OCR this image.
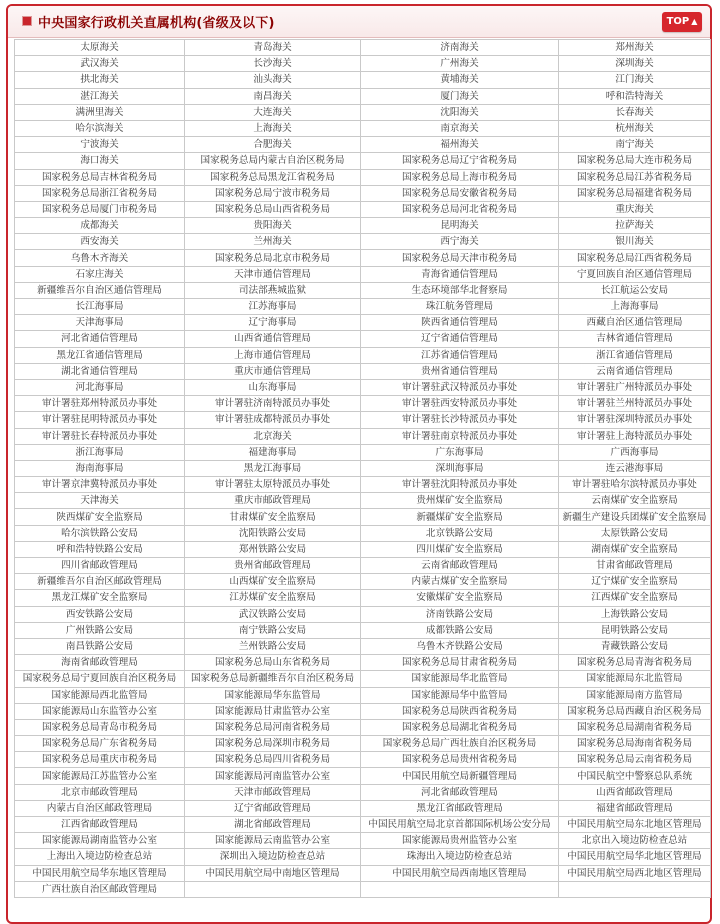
中央国家行政机关直属机构(省级及以下)	TOP ▲
太原海关	青岛海关	济南海关	郑州海关
武汉海关	长沙海关	广州海关	深圳海关
拱北海关	汕头海关	黄埔海关	江门海关
湛江海关	南昌海关	厦门海关	呼和浩特海关
满洲里海关	大连海关	沈阳海关	长春海关
哈尔滨海关	上海海关	南京海关	杭州海关
宁波海关	合肥海关	福州海关	南宁海关
海口海关	国家税务总局内蒙古自治区税务局	国家税务总局辽宁省税务局	国家税务总局大连市税务局
国家税务总局吉林省税务局	国家税务总局黑龙江省税务局	国家税务总局上海市税务局	国家税务总局江苏省税务局
国家税务总局浙江省税务局	国家税务总局宁波市税务局	国家税务总局安徽省税务局	国家税务总局福建省税务局
国家税务总局厦门市税务局	国家税务总局山西省税务局	国家税务总局河北省税务局	重庆海关
成都海关	贵阳海关	昆明海关	拉萨海关
西安海关	兰州海关	西宁海关	银川海关
乌鲁木齐海关	国家税务总局北京市税务局	国家税务总局天津市税务局	国家税务总局江西省税务局
石家庄海关	天津市通信管理局	青海省通信管理局	宁夏回族自治区通信管理局
新疆维吾尔自治区通信管理局	司法部燕城监狱	生态环境部华北督察局	长江航运公安局
长江海事局	江苏海事局	珠江航务管理局	上海海事局
天津海事局	辽宁海事局	陕西省通信管理局	西藏自治区通信管理局
河北省通信管理局	山西省通信管理局	辽宁省通信管理局	吉林省通信管理局
黑龙江省通信管理局	上海市通信管理局	江苏省通信管理局	浙江省通信管理局
湖北省通信管理局	重庆市通信管理局	贵州省通信管理局	云南省通信管理局
河北海事局	山东海事局	审计署驻武汉特派员办事处	审计署驻广州特派员办事处
审计署驻郑州特派员办事处	审计署驻济南特派员办事处	审计署驻西安特派员办事处	审计署驻兰州特派员办事处
审计署驻昆明特派员办事处	审计署驻成都特派员办事处	审计署驻长沙特派员办事处	审计署驻深圳特派员办事处
审计署驻长春特派员办事处	北京海关	审计署驻南京特派员办事处	审计署驻上海特派员办事处
浙江海事局	福建海事局	广东海事局	广西海事局
海南海事局	黑龙江海事局	深圳海事局	连云港海事局
审计署京津冀特派员办事处	审计署驻太原特派员办事处	审计署驻沈阳特派员办事处	审计署驻哈尔滨特派员办事处
天津海关	重庆市邮政管理局	贵州煤矿安全监察局	云南煤矿安全监察局
陕西煤矿安全监察局	甘肃煤矿安全监察局	新疆煤矿安全监察局	新疆生产建设兵团煤矿安全监察局
哈尔滨铁路公安局	沈阳铁路公安局	北京铁路公安局	太原铁路公安局
呼和浩特铁路公安局	郑州铁路公安局	四川煤矿安全监察局	湖南煤矿安全监察局
四川省邮政管理局	贵州省邮政管理局	云南省邮政管理局	甘肃省邮政管理局
新疆维吾尔自治区邮政管理局	山西煤矿安全监察局	内蒙古煤矿安全监察局	辽宁煤矿安全监察局
黑龙江煤矿安全监察局	江苏煤矿安全监察局	安徽煤矿安全监察局	江西煤矿安全监察局
西安铁路公安局	武汉铁路公安局	济南铁路公安局	上海铁路公安局
广州铁路公安局	南宁铁路公安局	成都铁路公安局	昆明铁路公安局
南昌铁路公安局	兰州铁路公安局	乌鲁木齐铁路公安局	青藏铁路公安局
海南省邮政管理局	国家税务总局山东省税务局	国家税务总局甘肃省税务局	国家税务总局青海省税务局
国家税务总局宁夏回族自治区税务局	国家税务总局新疆维吾尔自治区税务局	国家能源局华北监管局	国家能源局东北监管局
国家能源局西北监管局	国家能源局华东监管局	国家能源局华中监管局	国家能源局南方监管局
国家能源局山东监管办公室	国家能源局甘肃监管办公室	国家税务总局陕西省税务局	国家税务总局西藏自治区税务局
国家税务总局青岛市税务局	国家税务总局河南省税务局	国家税务总局湖北省税务局	国家税务总局湖南省税务局
国家税务总局广东省税务局	国家税务总局深圳市税务局	国家税务总局广西壮族自治区税务局	国家税务总局海南省税务局
国家税务总局重庆市税务局	国家税务总局四川省税务局	国家税务总局贵州省税务局	国家税务总局云南省税务局
国家能源局江苏监管办公室	国家能源局河南监管办公室	中国民用航空局新疆管理局	中国民航空中警察总队系统
北京市邮政管理局	天津市邮政管理局	河北省邮政管理局	山西省邮政管理局
内蒙古自治区邮政管理局	辽宁省邮政管理局	黑龙江省邮政管理局	福建省邮政管理局
江西省邮政管理局	湖北省邮政管理局	中国民用航空局北京首都国际机场公安分局	中国民用航空局东北地区管理局
国家能源局湖南监管办公室	国家能源局云南监管办公室	国家能源局贵州监管办公室	北京出入境边防检查总站
上海出入境边防检查总站	深圳出入境边防检查总站	珠海出入境边防检查总站	中国民用航空局华北地区管理局
中国民用航空局华东地区管理局	中国民用航空局中南地区管理局	中国民用航空局西南地区管理局	中国民用航空局西北地区管理局
广西壮族自治区邮政管理局			
